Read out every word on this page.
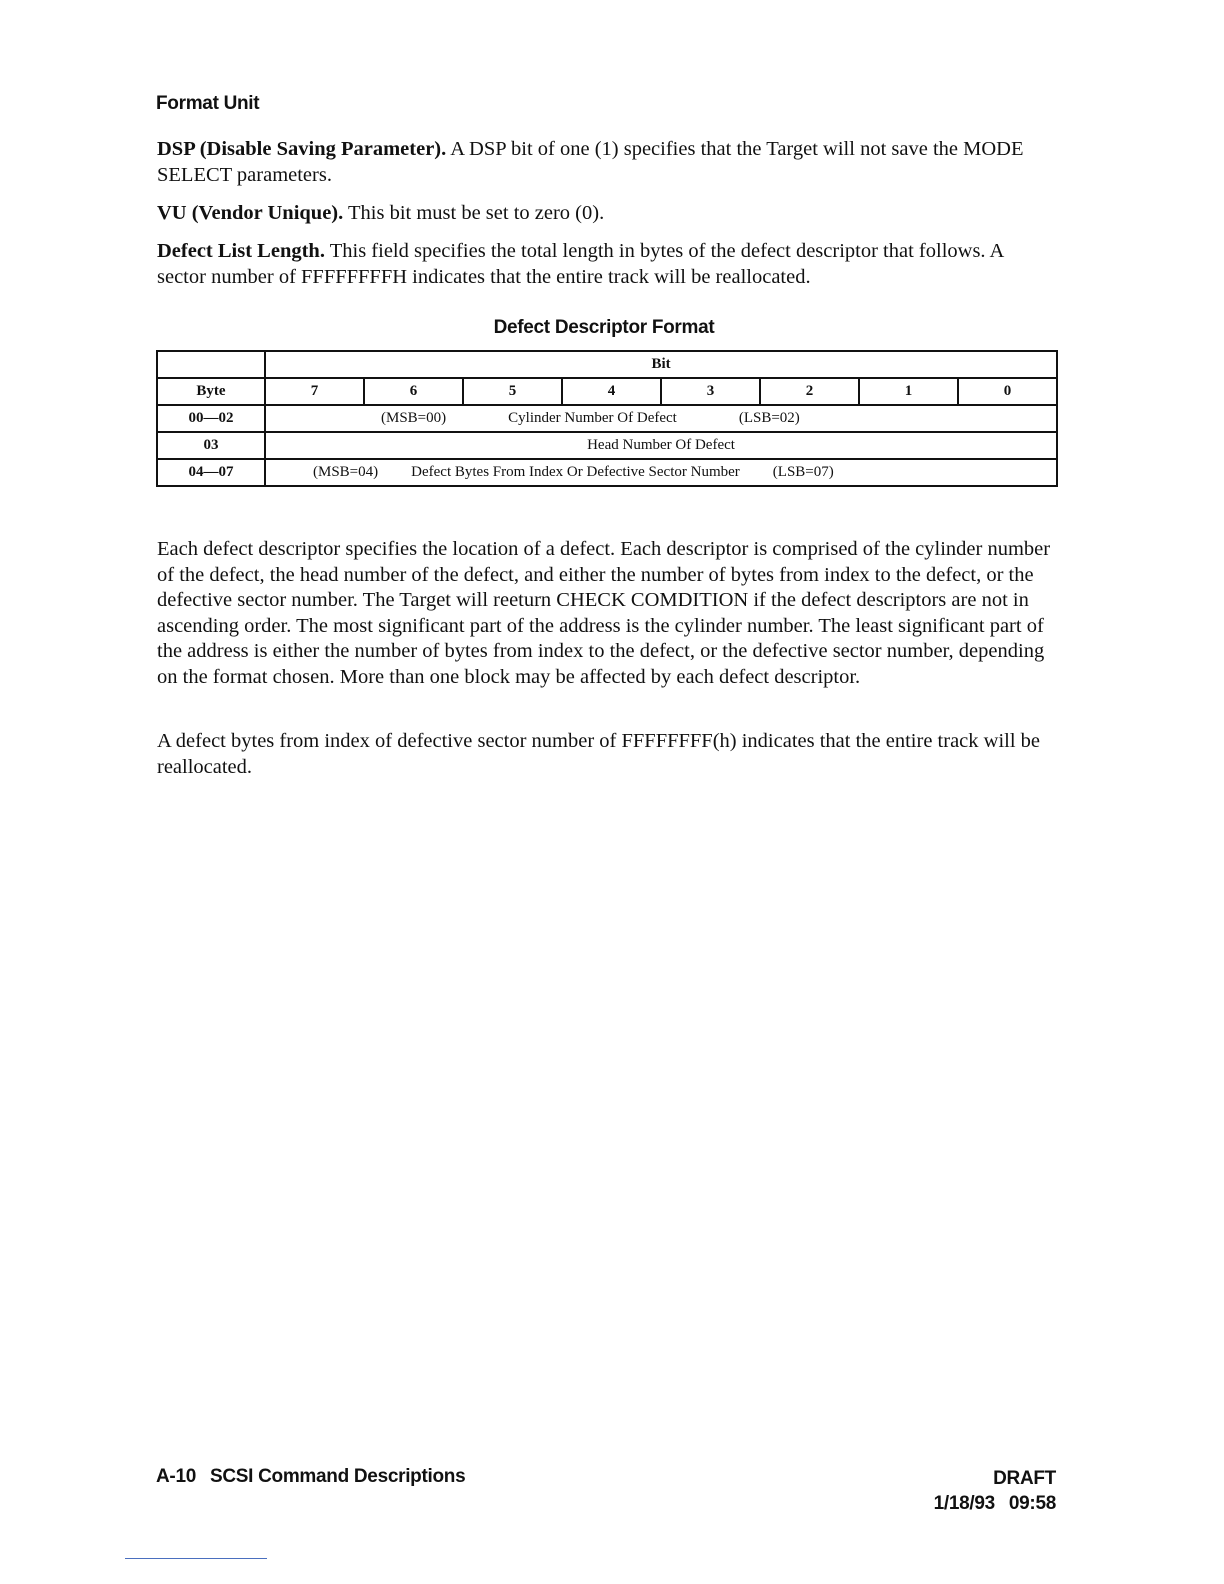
Format Unit

DSP (Disable Saving Parameter). A DSP bit of one (1) specifies that the Target will not save the MODE SELECT parameters.

VU (Vendor Unique). This bit must be set to zero (0).

Defect List Length. This field specifies the total length in bytes of the defect descriptor that follows. A sector number of FFFFFFFFH indicates that the entire track will be reallocated.

Defect Descriptor Format
	Bit							
Byte	7	6	5	4	3	2	1	0
00—02	(MSB=00) Cylinder Number Of Defect (LSB=02)							

03	Head Number Of Defect							
04—07	(MSB=04) Defect Bytes From Index Or Defective Sector Number (LSB=07)							

Each defect descriptor specifies the location of a defect. Each descriptor is comprised of the cylinder number of the defect, the head number of the defect, and either the number of bytes from index to the defect, or the defective sector number. The Target will reeturn CHECK COMDITION if the defect descriptors are not in ascending order. The most significant part of the address is the cylinder number. The least significant part of the address is either the number of bytes from index to the defect, or the defective sector number, depending on the format chosen. More than one block may be affected by each defect descriptor.

A defect bytes from index of defective sector number of FFFFFFFF(h) indicates that the entire track will be reallocated.

A-10 SCSI Command Descriptions	DRAFT
1/18/93 09:58
